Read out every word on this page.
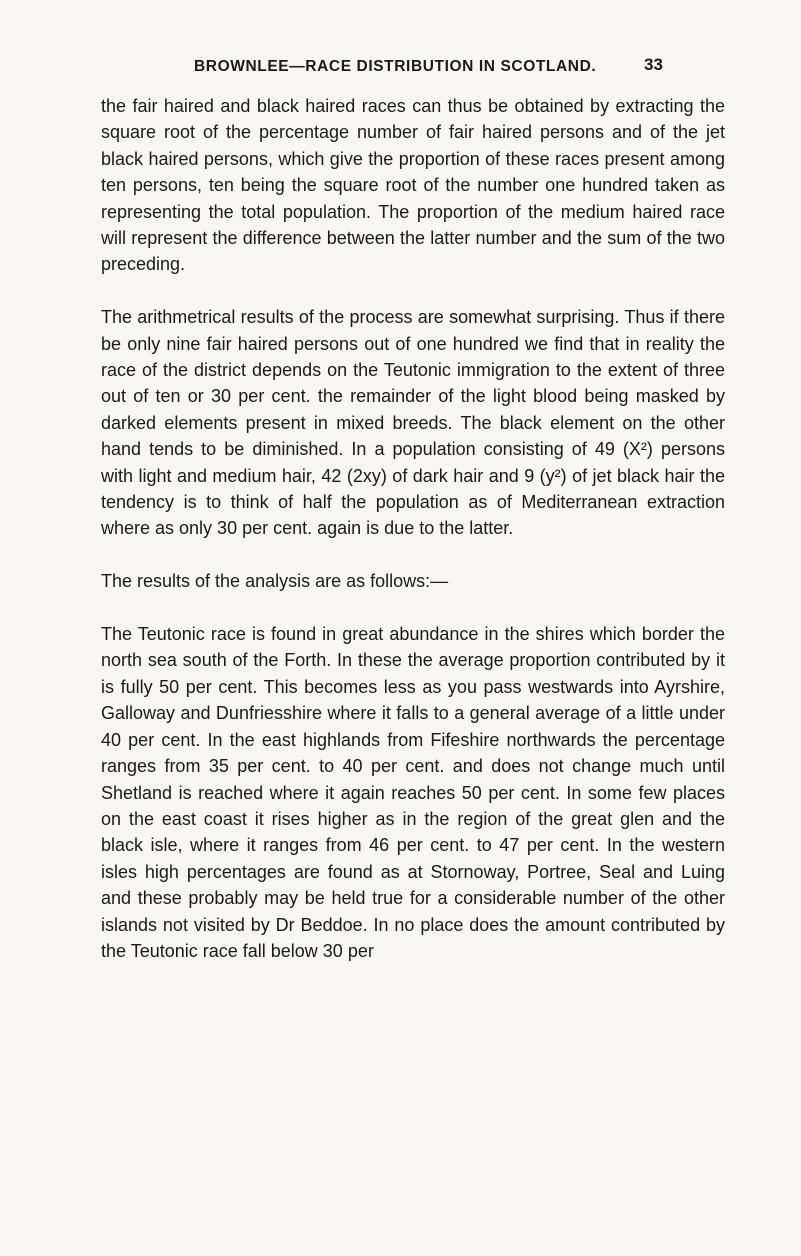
BROWNLEE—RACE DISTRIBUTION IN SCOTLAND.	33

the fair haired and black haired races can thus be obtained by extracting the square root of the percentage number of fair haired persons and of the jet black haired persons, which give the proportion of these races present among ten persons, ten being the square root of the number one hundred taken as representing the total population. The proportion of the medium haired race will represent the difference between the latter number and the sum of the two preceding.

The arithmetrical results of the process are somewhat surprising. Thus if there be only nine fair haired persons out of one hundred we find that in reality the race of the district depends on the Teutonic immigration to the extent of three out of ten or 30 per cent. the remainder of the light blood being masked by darked elements present in mixed breeds. The black element on the other hand tends to be diminished. In a population consisting of 49 (X²) persons with light and medium hair, 42 (2xy) of dark hair and 9 (y²) of jet black hair the tendency is to think of half the population as of Mediterranean extraction where as only 30 per cent. again is due to the latter.

The results of the analysis are as follows:—

The Teutonic race is found in great abundance in the shires which border the north sea south of the Forth. In these the average proportion contributed by it is fully 50 per cent. This becomes less as you pass westwards into Ayrshire, Galloway and Dunfriesshire where it falls to a general average of a little under 40 per cent. In the east highlands from Fifeshire northwards the percentage ranges from 35 per cent. to 40 per cent. and does not change much until Shetland is reached where it again reaches 50 per cent. In some few places on the east coast it rises higher as in the region of the great glen and the black isle, where it ranges from 46 per cent. to 47 per cent. In the western isles high percentages are found as at Stornoway, Portree, Seal and Luing and these probably may be held true for a considerable number of the other islands not visited by Dr Beddoe. In no place does the amount contributed by the Teutonic race fall below 30 per
